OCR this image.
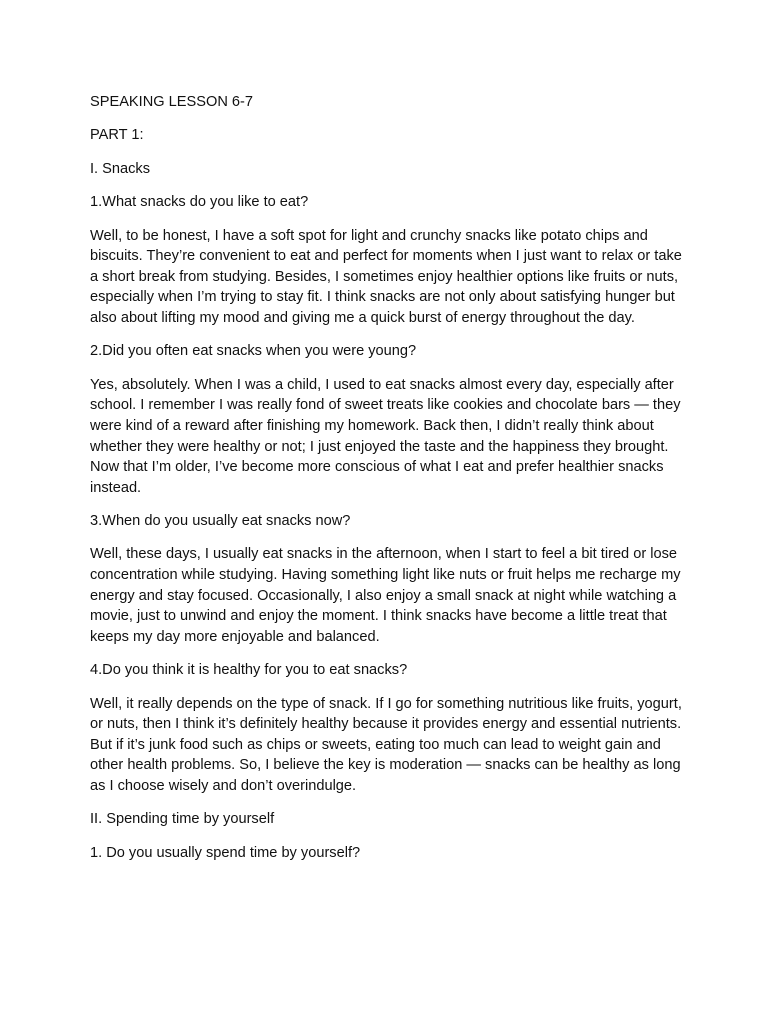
SPEAKING LESSON 6-7

PART 1:

I. Snacks

1.What snacks do you like to eat?

Well, to be honest, I have a soft spot for light and crunchy snacks like potato chips and biscuits. They’re convenient to eat and perfect for moments when I just want to relax or take a short break from studying. Besides, I sometimes enjoy healthier options like fruits or nuts, especially when I’m trying to stay fit. I think snacks are not only about satisfying hunger but also about lifting my mood and giving me a quick burst of energy throughout the day.

2.Did you often eat snacks when you were young?

Yes, absolutely. When I was a child, I used to eat snacks almost every day, especially after school. I remember I was really fond of sweet treats like cookies and chocolate bars — they were kind of a reward after finishing my homework. Back then, I didn’t really think about whether they were healthy or not; I just enjoyed the taste and the happiness they brought. Now that I’m older, I’ve become more conscious of what I eat and prefer healthier snacks instead.

3.When do you usually eat snacks now?

Well, these days, I usually eat snacks in the afternoon, when I start to feel a bit tired or lose concentration while studying. Having something light like nuts or fruit helps me recharge my energy and stay focused. Occasionally, I also enjoy a small snack at night while watching a movie, just to unwind and enjoy the moment. I think snacks have become a little treat that keeps my day more enjoyable and balanced.

4.Do you think it is healthy for you to eat snacks?

Well, it really depends on the type of snack. If I go for something nutritious like fruits, yogurt, or nuts, then I think it’s definitely healthy because it provides energy and essential nutrients. But if it’s junk food such as chips or sweets, eating too much can lead to weight gain and other health problems. So, I believe the key is moderation — snacks can be healthy as long as I choose wisely and don’t overindulge.

II. Spending time by yourself

1. Do you usually spend time by yourself?
